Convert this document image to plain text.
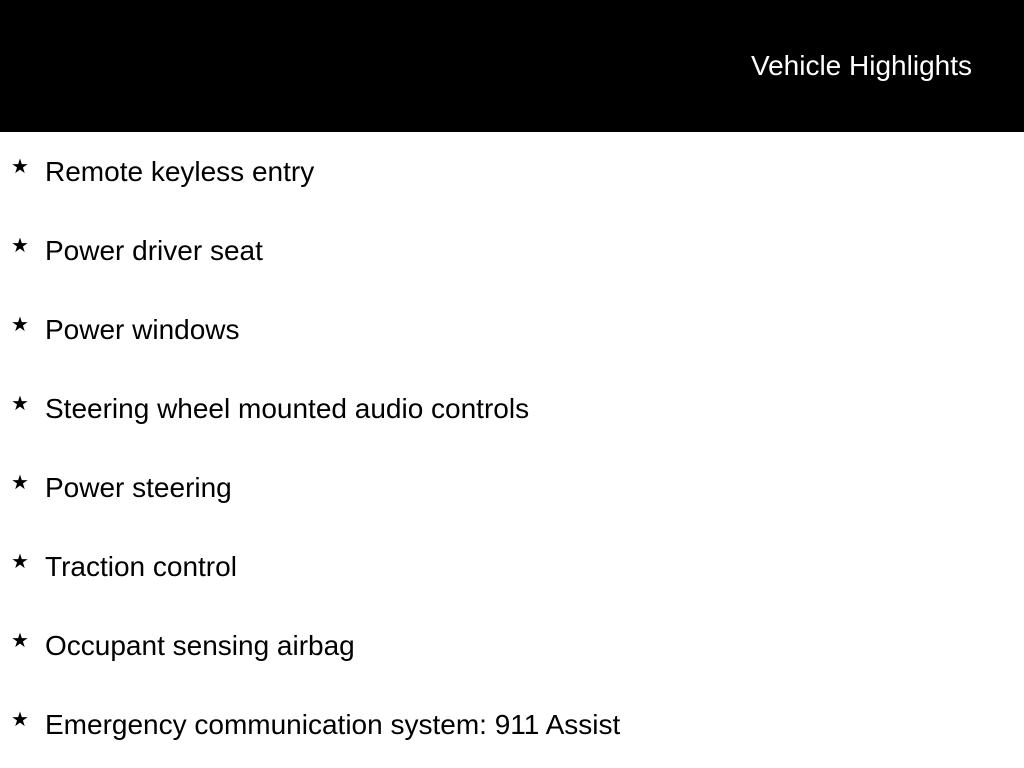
Vehicle Highlights
★ Remote keyless entry
★ Power driver seat
★ Power windows
★ Steering wheel mounted audio controls
★ Power steering
★ Traction control
★ Occupant sensing airbag
★ Emergency communication system: 911 Assist
